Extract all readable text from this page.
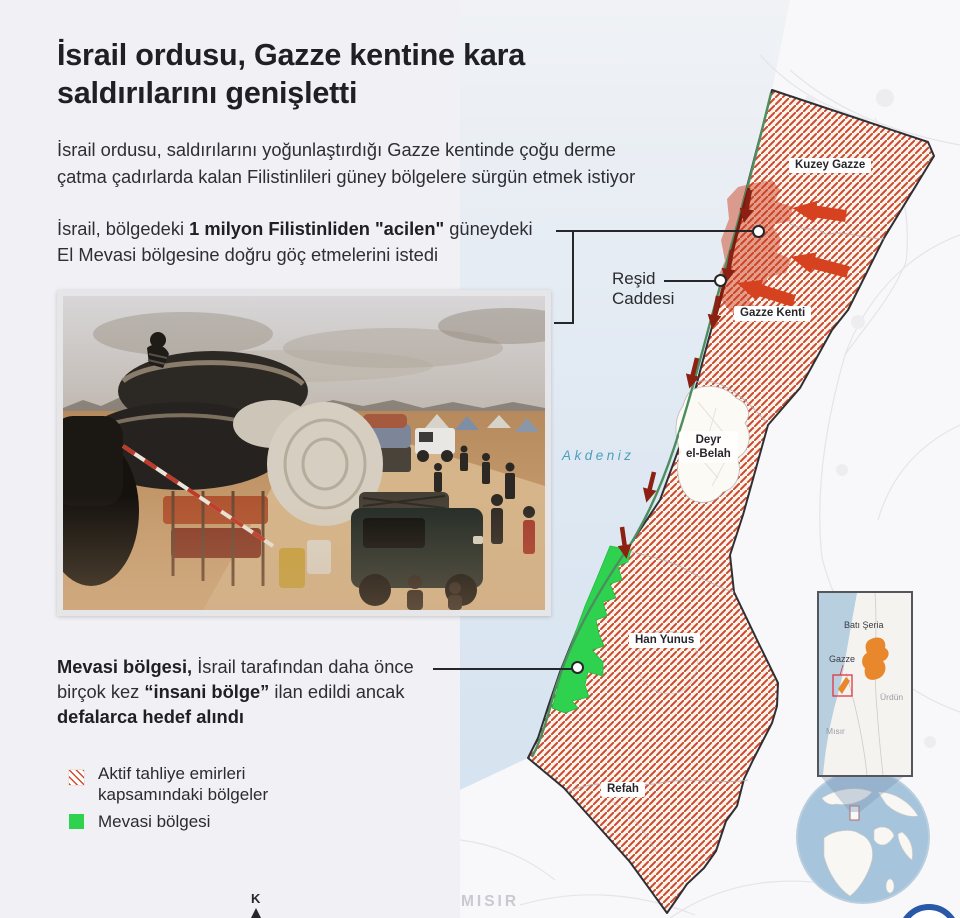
İsrail ordusu, Gazze kentine kara
saldırılarını genişletti
İsrail ordusu, saldırılarını yoğunlaştırdığı Gazze kentinde çoğu derme
çatma çadırlarda kalan Filistinlileri güney bölgelere sürgün etmek istiyor
İsrail, bölgedeki 1 milyon Filistinliden "acilen" güneydeki
El Mevasi bölgesine doğru göç etmelerini istedi
Mevasi bölgesi, İsrail tarafından daha önce
birçok kez “insani bölge” ilan edildi ancak
defalarca hedef alındı
Aktif tahliye emirleri kapsamındaki bölgeler
Mevasi bölgesi
Kuzey Gazze
Gazze Kenti
Deyr
el-Belah
Han Yunus
Refah
Akdeniz
MISIR
Reşid
Caddesi
Batı Şeria
Gazze
Ürdün
Mısır
K
